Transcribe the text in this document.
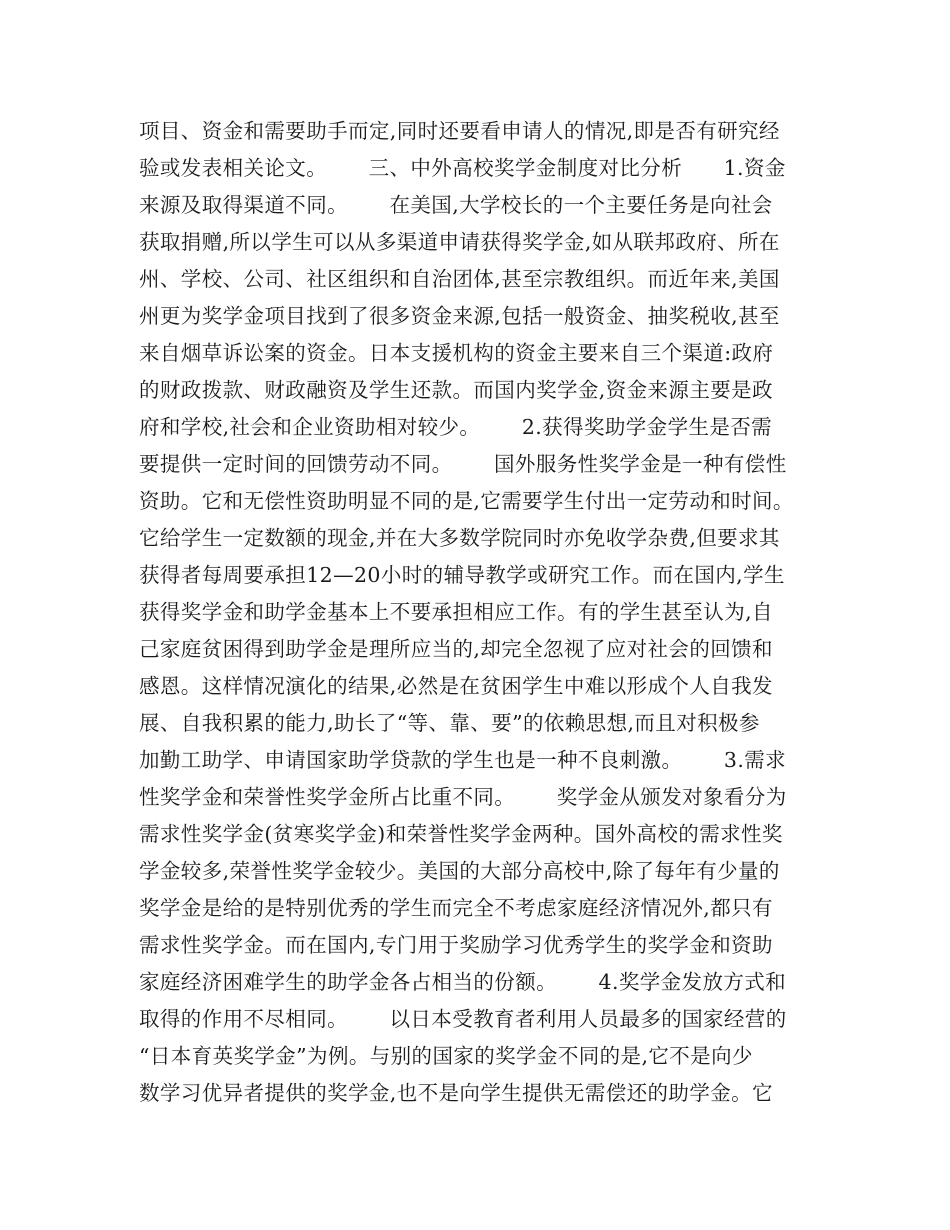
项目、资金和需要助手而定,同时还要看申请人的情况,即是否有研究经
验或发表相关论文。      三、中外高校奖学金制度对比分析      1.资金
来源及取得渠道不同。      在美国,大学校长的一个主要任务是向社会
获取捐赠,所以学生可以从多渠道申请获得奖学金,如从联邦政府、所在
州、学校、公司、社区组织和自治团体,甚至宗教组织。而近年来,美国
州更为奖学金项目找到了很多资金来源,包括一般资金、抽奖税收,甚至
来自烟草诉讼案的资金。日本支援机构的资金主要来自三个渠道:政府
的财政拨款、财政融资及学生还款。而国内奖学金,资金来源主要是政
府和学校,社会和企业资助相对较少。      2.获得奖助学金学生是否需
要提供一定时间的回馈劳动不同。      国外服务性奖学金是一种有偿性
资助。它和无偿性资助明显不同的是,它需要学生付出一定劳动和时间。
它给学生一定数额的现金,并在大多数学院同时亦免收学杂费,但要求其
获得者每周要承担12—20小时的辅导教学或研究工作。而在国内,学生
获得奖学金和助学金基本上不要承担相应工作。有的学生甚至认为,自
己家庭贫困得到助学金是理所应当的,却完全忽视了应对社会的回馈和
感恩。这样情况演化的结果,必然是在贫困学生中难以形成个人自我发
展、自我积累的能力,助长了“等、靠、要”的依赖思想,而且对积极参
加勤工助学、申请国家助学贷款的学生也是一种不良刺激。      3.需求
性奖学金和荣誉性奖学金所占比重不同。      奖学金从颁发对象看分为
需求性奖学金(贫寒奖学金)和荣誉性奖学金两种。国外高校的需求性奖
学金较多,荣誉性奖学金较少。美国的大部分高校中,除了每年有少量的
奖学金是给的是特别优秀的学生而完全不考虑家庭经济情况外,都只有
需求性奖学金。而在国内,专门用于奖励学习优秀学生的奖学金和资助
家庭经济困难学生的助学金各占相当的份额。      4.奖学金发放方式和
取得的作用不尽相同。      以日本受教育者利用人员最多的国家经营的
“日本育英奖学金”为例。与别的国家的奖学金不同的是,它不是向少
数学习优异者提供的奖学金,也不是向学生提供无需偿还的助学金。它
